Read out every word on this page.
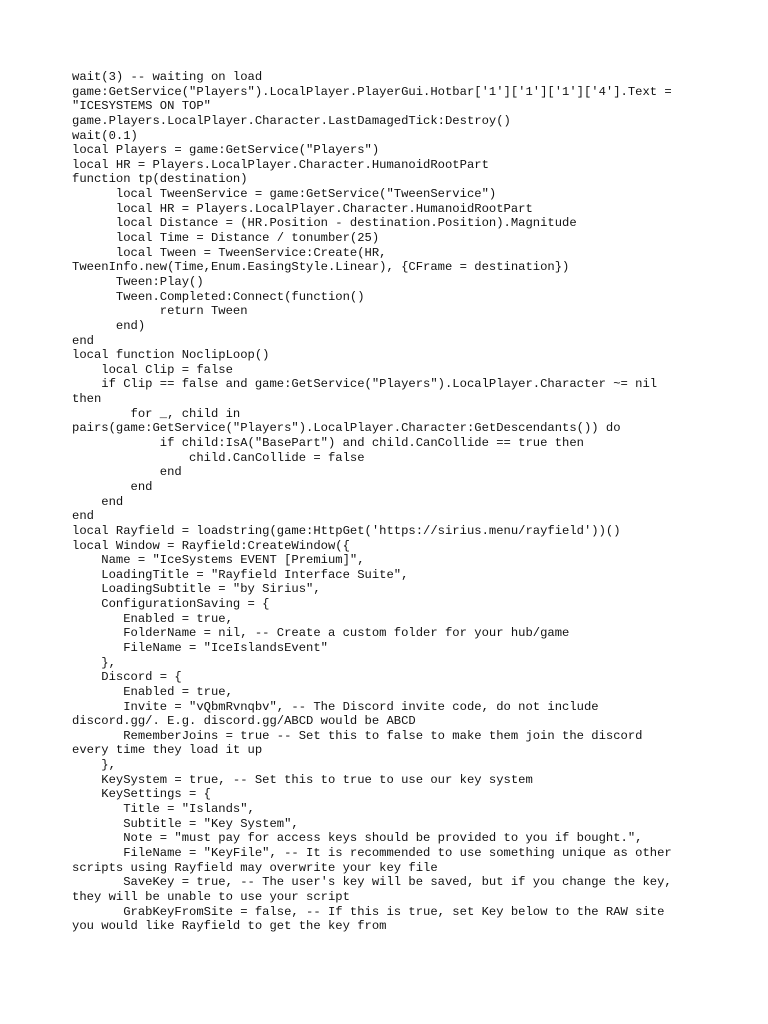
wait(3) -- waiting on load
game:GetService("Players").LocalPlayer.PlayerGui.Hotbar['1']['1']['1']['4'].Text =
"ICESYSTEMS ON TOP"
game.Players.LocalPlayer.Character.LastDamagedTick:Destroy()
wait(0.1)
local Players = game:GetService("Players")
local HR = Players.LocalPlayer.Character.HumanoidRootPart
function tp(destination)
local TweenService = game:GetService("TweenService")
local HR = Players.LocalPlayer.Character.HumanoidRootPart
local Distance = (HR.Position - destination.Position).Magnitude
local Time = Distance / tonumber(25)
local Tween = TweenService:Create(HR,
TweenInfo.new(Time,Enum.EasingStyle.Linear), {CFrame = destination})
Tween:Play()
Tween.Completed:Connect(function()
return Tween
end)
end
local function NoclipLoop()
local Clip = false
if Clip == false and game:GetService("Players").LocalPlayer.Character ~= nil
then
for _, child in
pairs(game:GetService("Players").LocalPlayer.Character:GetDescendants()) do
if child:IsA("BasePart") and child.CanCollide == true then
child.CanCollide = false
end
end
end
end
local Rayfield = loadstring(game:HttpGet('https://sirius.menu/rayfield'))()
local Window = Rayfield:CreateWindow({
Name = "IceSystems EVENT [Premium]",
LoadingTitle = "Rayfield Interface Suite",
LoadingSubtitle = "by Sirius",
ConfigurationSaving = {
Enabled = true,
FolderName = nil, -- Create a custom folder for your hub/game
FileName = "IceIslandsEvent"
},
Discord = {
Enabled = true,
Invite = "vQbmRvnqbv", -- The Discord invite code, do not include
discord.gg/. E.g. discord.gg/ABCD would be ABCD
RememberJoins = true -- Set this to false to make them join the discord
every time they load it up
},
KeySystem = true, -- Set this to true to use our key system
KeySettings = {
Title = "Islands",
Subtitle = "Key System",
Note = "must pay for access keys should be provided to you if bought.",
FileName = "KeyFile", -- It is recommended to use something unique as other
scripts using Rayfield may overwrite your key file
SaveKey = true, -- The user's key will be saved, but if you change the key,
they will be unable to use your script
GrabKeyFromSite = false, -- If this is true, set Key below to the RAW site
you would like Rayfield to get the key from
